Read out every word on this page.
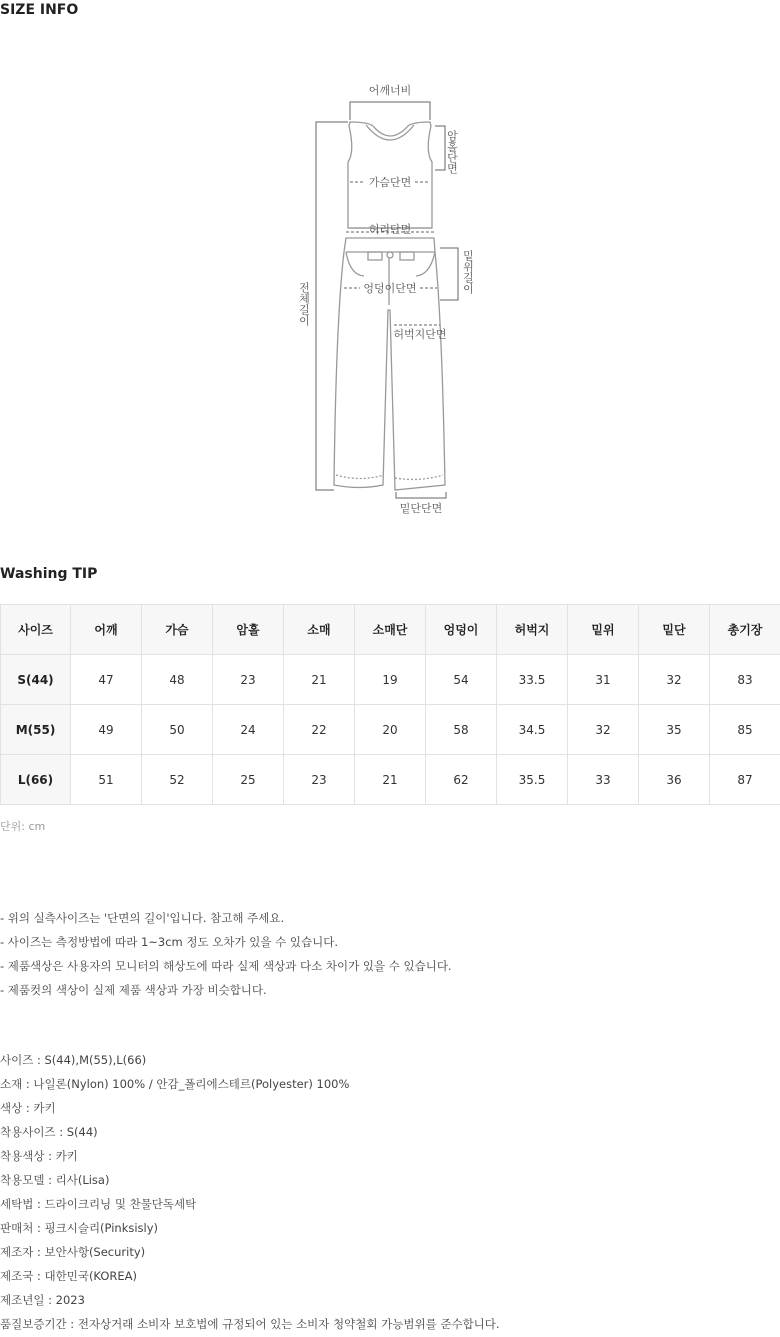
SIZE INFO
어깨너비
암홀단면
가슴단면
허리단면
밑위길이
엉덩이단면
허벅지단면
전체길이
밑단단면
Washing TIP
사이즈	어깨	가슴	암홀	소매	소매단	엉덩이	허벅지	밑위	밑단	총기장
S(44)	47	48	23	21	19	54	33.5	31	32	83
M(55)	49	50	24	22	20	58	34.5	32	35	85
L(66)	51	52	25	23	21	62	35.5	33	36	87
단위: cm
- 위의 실측사이즈는 '단면의 길이'입니다. 참고해 주세요.
- 사이즈는 측정방법에 따라 1~3cm 정도 오차가 있을 수 있습니다.
- 제품색상은 사용자의 모니터의 해상도에 따라 실제 색상과 다소 차이가 있을 수 있습니다.
- 제품컷의 색상이 실제 제품 색상과 가장 비슷합니다.
사이즈 : S(44),M(55),L(66)
소재 : 나일론(Nylon) 100% / 안감_폴리에스테르(Polyester) 100%
색상 : 카키
착용사이즈 : S(44)
착용색상 : 카키
착용모델 : 리사(Lisa)
세탁법 : 드라이크리닝 및 찬물단독세탁
판매처 : 핑크시슬리(Pinksisly)
제조자 : 보안사항(Security)
제조국 : 대한민국(KOREA)
제조년일 : 2023
품질보증기간 : 전자상거래 소비자 보호법에 규정되어 있는 소비자 청약철회 가능범위를 준수합니다.
